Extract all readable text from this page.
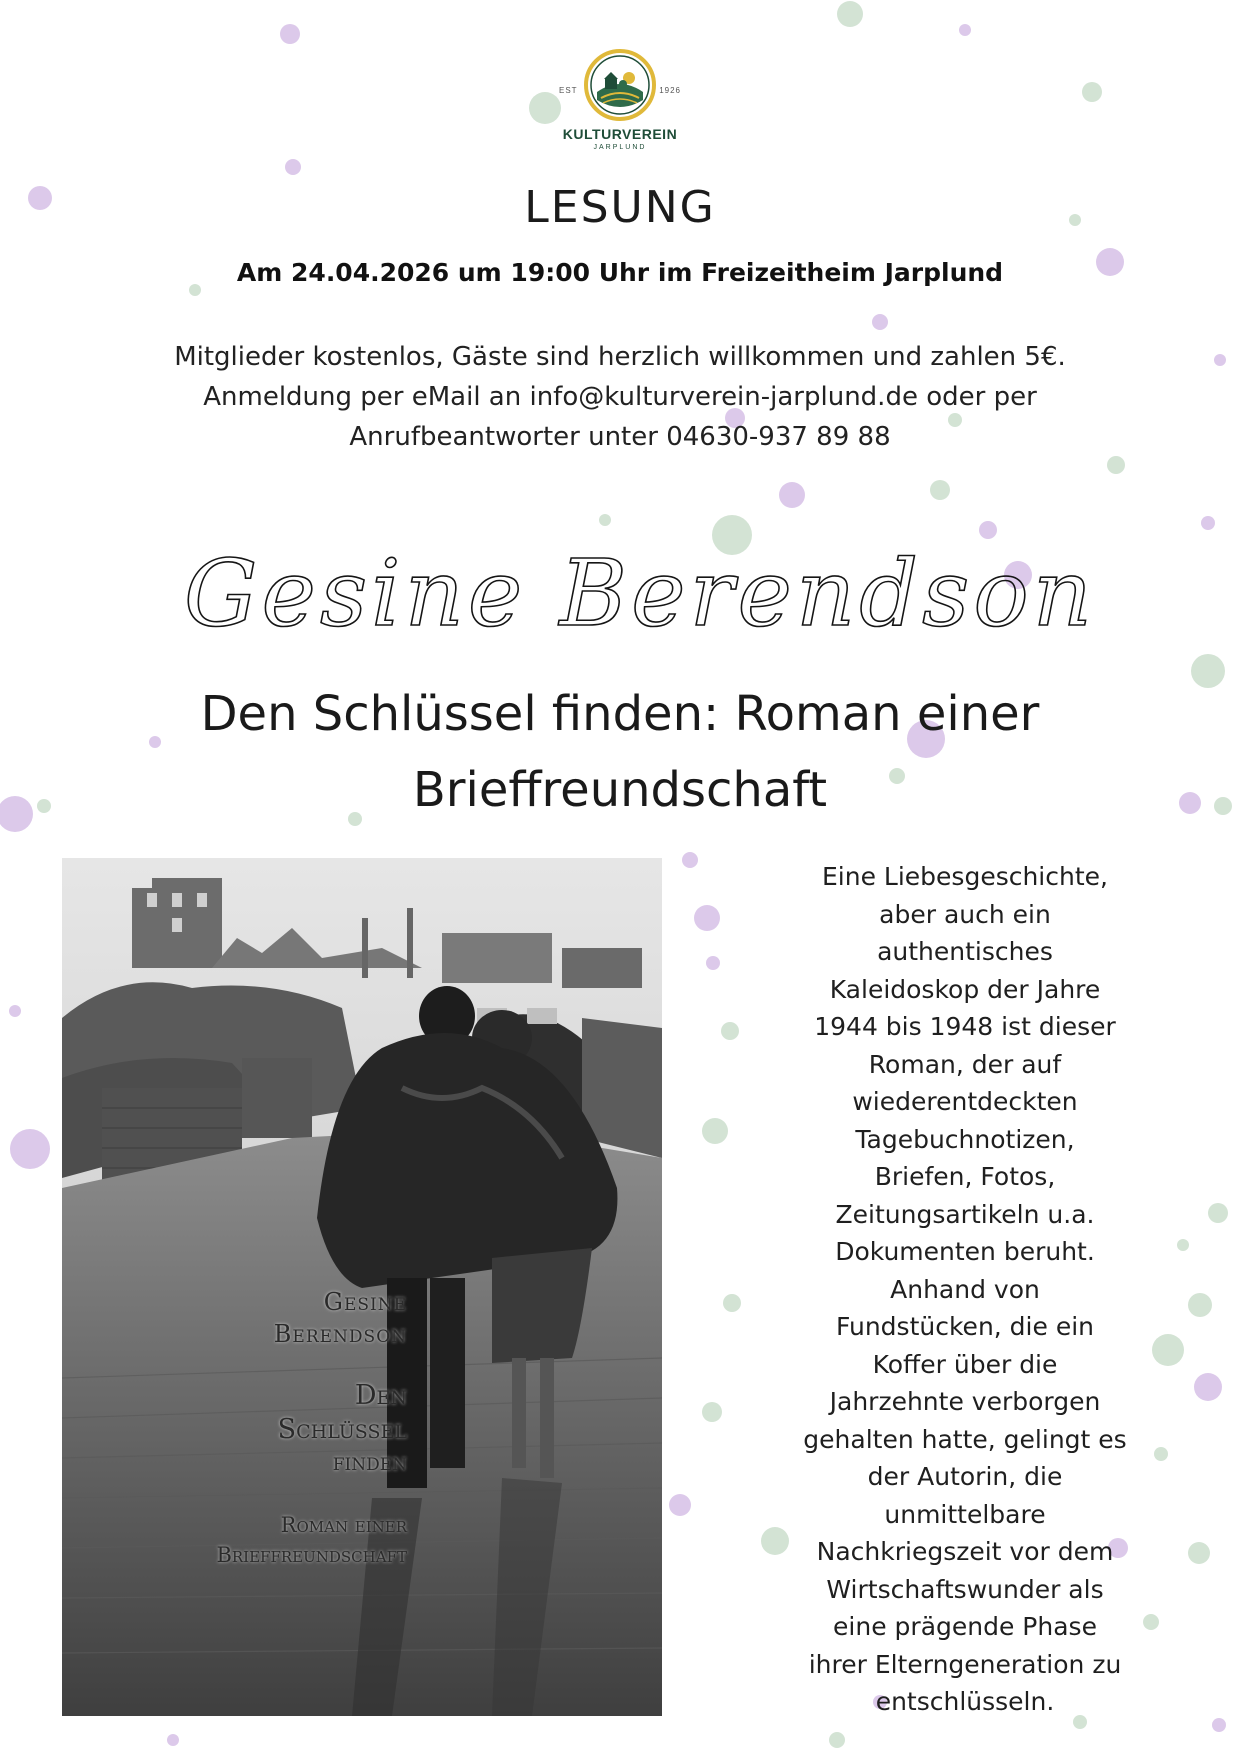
EST	1926
KULTURVEREIN
JARPLUND
LESUNG
Am 24.04.2026 um 19:00 Uhr im Freizeitheim Jarplund
Mitglieder kostenlos, Gäste sind herzlich willkommen und zahlen 5€.
Anmeldung per eMail an info@kulturverein-jarplund.de oder per
Anrufbeantworter unter 04630-937 89 88
Gesine Berendson
Den Schlüssel finden: Roman einer
Brieffreundschaft
Gesine
Berendson
Den
Schlüssel
finden
Roman einer
Brieffreundschaft
Eine Liebesgeschichte,
aber auch ein
authentisches
Kaleidoskop der Jahre
1944 bis 1948 ist dieser
Roman, der auf
wiederentdeckten
Tagebuchnotizen,
Briefen, Fotos,
Zeitungsartikeln u.a.
Dokumenten beruht.
Anhand von
Fundstücken, die ein
Koffer über die
Jahrzehnte verborgen
gehalten hatte, gelingt es
der Autorin, die
unmittelbare
Nachkriegszeit vor dem
Wirtschaftswunder als
eine prägende Phase
ihrer Elterngeneration zu
entschlüsseln.
